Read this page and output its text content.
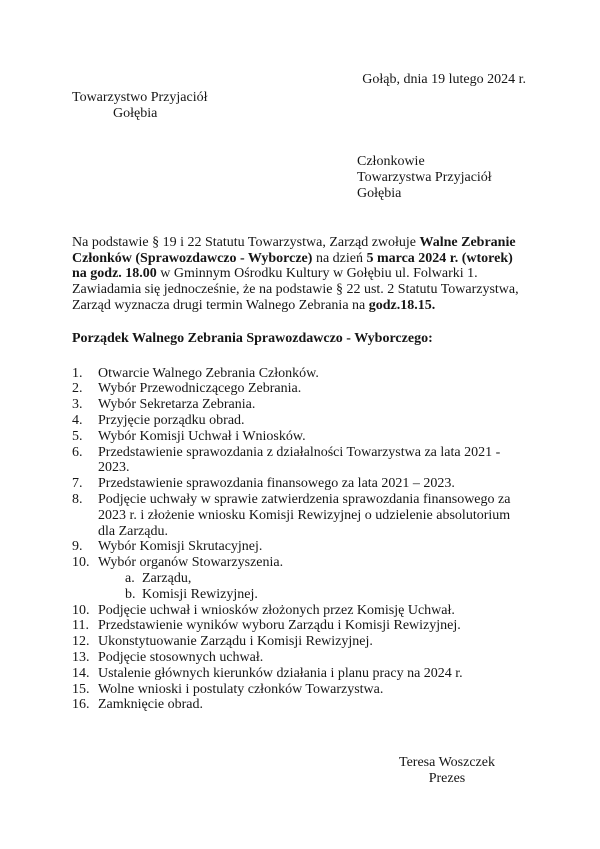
Gołąb, dnia 19 lutego 2024 r.
Towarzystwo Przyjaciół
Gołębia
Członkowie
Towarzystwa Przyjaciół
Gołębia
Na podstawie § 19 i 22 Statutu Towarzystwa, Zarząd zwołuje Walne Zebranie Członków (Sprawozdawczo - Wyborcze) na dzień 5 marca 2024 r. (wtorek) na godz. 18.00 w Gminnym Ośrodku Kultury w Gołębiu ul. Folwarki 1. Zawiadamia się jednocześnie, że na podstawie § 22 ust. 2 Statutu Towarzystwa, Zarząd wyznacza drugi termin Walnego Zebrania na godz.18.15.
Porządek Walnego Zebrania Sprawozdawczo - Wyborczego:
1.	Otwarcie Walnego Zebrania Członków.
2.	Wybór Przewodniczącego Zebrania.
3.	Wybór Sekretarza Zebrania.
4.	Przyjęcie porządku obrad.
5.	Wybór Komisji Uchwał i Wniosków.
6.	Przedstawienie sprawozdania z działalności Towarzystwa za lata 2021 - 2023.
7.	Przedstawienie sprawozdania finansowego za lata 2021 – 2023.
8.	Podjęcie uchwały w sprawie zatwierdzenia sprawozdania finansowego za 2023 r. i złożenie wniosku Komisji Rewizyjnej o udzielenie absolutorium dla Zarządu.
9.	Wybór Komisji Skrutacyjnej.
10. Wybór organów Stowarzyszenia.
a. Zarządu,
b. Komisji Rewizyjnej.
10. Podjęcie uchwał i wniosków złożonych przez Komisję Uchwał.
11. Przedstawienie wyników wyboru Zarządu i Komisji Rewizyjnej.
12. Ukonstytuowanie Zarządu i Komisji Rewizyjnej.
13. Podjęcie stosownych uchwał.
14. Ustalenie głównych kierunków działania i planu pracy na 2024 r.
15. Wolne wnioski i postulaty członków Towarzystwa.
16. Zamknięcie obrad.
Teresa Woszczek
Prezes
